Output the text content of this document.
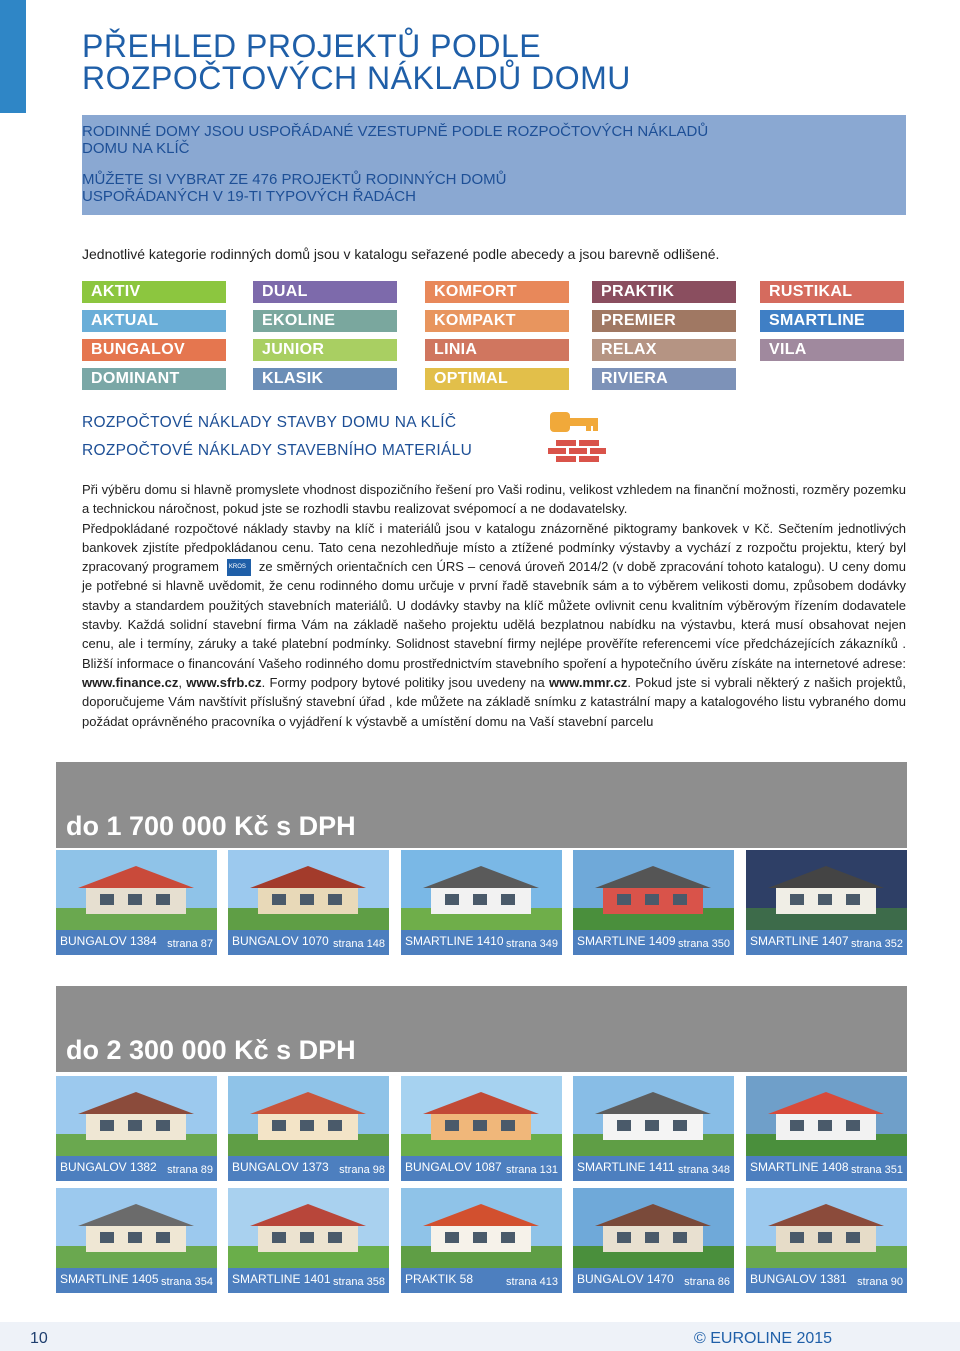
PŘEHLED PROJEKTŮ PODLE
ROZPOČTOVÝCH NÁKLADŮ DOMU
RODINNÉ DOMY JSOU USPOŘÁDANÉ VZESTUPNĚ PODLE ROZPOČTOVÝCH NÁKLADŮ
DOMU NA KLÍČ
MŮŽETE SI VYBRAT ZE 476 PROJEKTŮ RODINNÝCH DOMŮ
USPOŘÁDANÝCH V 19-TI TYPOVÝCH ŘADÁCH
Jednotlivé kategorie rodinných domů jsou v katalogu seřazené podle abecedy a jsou barevně odlišené.
AKTIV	DUAL	KOMFORT	PRAKTIK	RUSTIKAL
AKTUAL	EKOLINE	KOMPAKT	PREMIER	SMARTLINE
BUNGALOV	JUNIOR	LINIA	RELAX	VILA
DOMINANT	KLASIK	OPTIMAL	RIVIERA
ROZPOČTOVÉ NÁKLADY STAVBY DOMU NA KLÍČ
ROZPOČTOVÉ NÁKLADY STAVEBNÍHO MATERIÁLU

Při výběru domu si hlavně promyslete vhodnost dispozičního řešení pro Vaši rodinu, velikost vzhledem na finanční možnosti, rozměry pozemku a technickou náročnost, pokud jste se rozhodli stavbu realizovat svépomocí a ne dodavatelsky.

Předpokládané rozpočtové náklady stavby na klíč i materiálů jsou v katalogu znázorněné piktogramy bankovek v Kč. Sečtením jednotlivých bankovek zjistíte předpokládanou cenu. Tato cena nezohledňuje místo a ztížené podmínky výstavby a vychází z rozpočtu projektu, který byl zpracovaný programem KROS ze směrných orientačních cen ÚRS – cenová úroveň 2014/2 (v době zpracování tohoto katalogu). U ceny domu je potřebné si hlavně uvědomit, že cenu rodinného domu určuje v první řadě stavebník sám a to výběrem velikosti domu, způsobem dodávky stavby a standardem použitých stavebních materiálů. U dodávky stavby na klíč můžete ovlivnit cenu kvalitním výběrovým řízením dodavatele stavby. Každá solidní stavební firma Vám na základě našeho projektu udělá bezplatnou nabídku na výstavbu, která musí obsahovat nejen cenu, ale i termíny, záruky a také platební podmínky. Solidnost stavební firmy nejlépe prověříte referencemi více předcházejících zákazníků . Bližší informace o financování Vašeho rodinného domu prostřednictvím stavebního spoření a hypotečního úvěru získáte na internetové adrese: www.finance.cz, www.sfrb.cz. Formy podpory bytové politiky jsou uvedeny na www.mmr.cz. Pokud jste si vybrali některý z našich projektů, doporučujeme Vám navštívit příslušný stavební úřad , kde můžete na základě snímku z katastrální mapy a katalogového listu vybraného domu požádat oprávněného pracovníka o vyjádření k výstavbě a umístění domu na Vaší stavební parcelu

do 1 700 000 Kč s DPH
do 2 300 000 Kč s DPH
BUNGALOV 1384 strana 87 BUNGALOV 1070 strana 148 SMARTLINE 1410 strana 349 SMARTLINE 1409 strana 350 SMARTLINE 1407 strana 352
BUNGALOV 1382 strana 89 BUNGALOV 1373 strana 98 BUNGALOV 1087 strana 131 SMARTLINE 1411 strana 348 SMARTLINE 1408 strana 351
SMARTLINE 1405 strana 354 SMARTLINE 1401 strana 358 PRAKTIK 58	strana 413 BUNGALOV 1470 strana 86 BUNGALOV 1381 strana 90
10	© EUROLINE 2015
